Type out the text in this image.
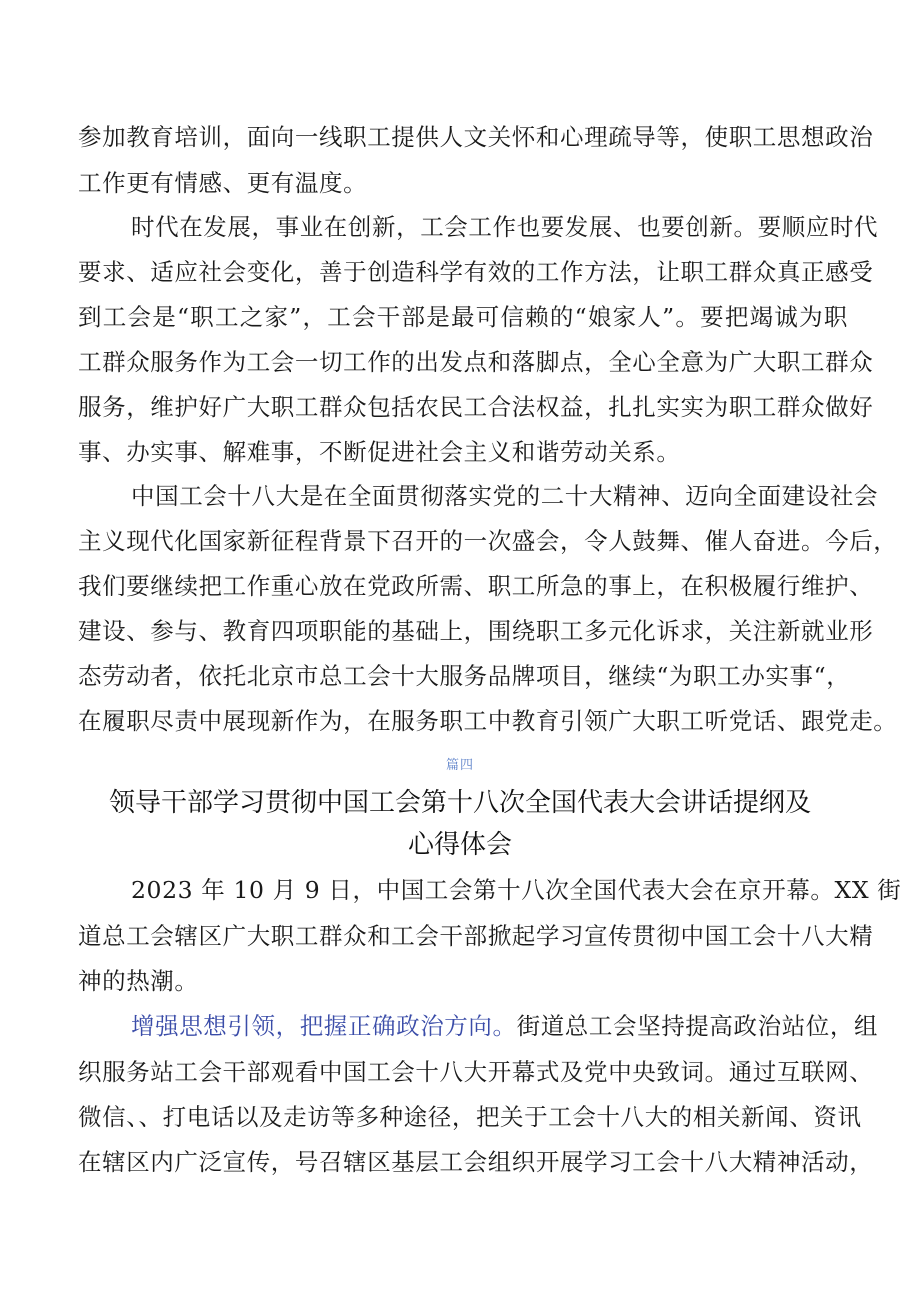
参加教育培训，面向一线职工提供人文关怀和心理疏导等，使职工思想政治
工作更有情感、更有温度。
时代在发展，事业在创新，工会工作也要发展、也要创新。要顺应时代
要求、适应社会变化，善于创造科学有效的工作方法，让职工群众真正感受
到工会是“职工之家”，工会干部是最可信赖的“娘家人”。要把竭诚为职
工群众服务作为工会一切工作的出发点和落脚点，全心全意为广大职工群众
服务，维护好广大职工群众包括农民工合法权益，扎扎实实为职工群众做好
事、办实事、解难事，不断促进社会主义和谐劳动关系。
中国工会十八大是在全面贯彻落实党的二十大精神、迈向全面建设社会
主义现代化国家新征程背景下召开的一次盛会，令人鼓舞、催人奋进。今后，
我们要继续把工作重心放在党政所需、职工所急的事上，在积极履行维护、
建设、参与、教育四项职能的基础上，围绕职工多元化诉求，关注新就业形
态劳动者，依托北京市总工会十大服务品牌项目，继续“为职工办实事“，
在履职尽责中展现新作为，在服务职工中教育引领广大职工听党话、跟党走。
篇四
领导干部学习贯彻中国工会第十八次全国代表大会讲话提纲及
心得体会
2023 年 10 月 9 日，中国工会第十八次全国代表大会在京开幕。XX 街
道总工会辖区广大职工群众和工会干部掀起学习宣传贯彻中国工会十八大精
神的热潮。
增强思想引领，把握正确政治方向。街道总工会坚持提高政治站位，组
织服务站工会干部观看中国工会十八大开幕式及党中央致词。通过互联网、
微信、、打电话以及走访等多种途径，把关于工会十八大的相关新闻、资讯
在辖区内广泛宣传，号召辖区基层工会组织开展学习工会十八大精神活动，
